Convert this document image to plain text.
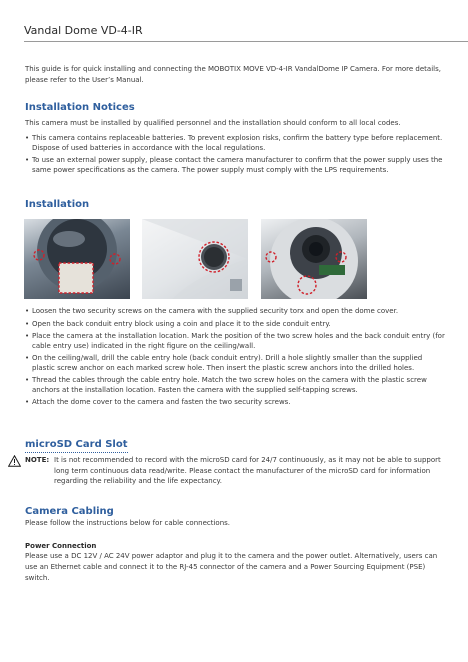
Vandal Dome VD-4-IR

This guide is for quick installing and connecting the MOBOTIX MOVE VD-4-IR VandalDome IP Camera. For more details, please refer to the User’s Manual.

Installation Notices

This camera must be installed by qualified personnel and the installation should conform to all local codes.

• This camera contains replaceable batteries. To prevent explosion risks, confirm the battery type before replacement. Dispose of used batteries in accordance with the local regulations.
• To use an external power supply, please contact the camera manufacturer to confirm that the power supply uses the same power specifications as the camera. The power supply must comply with the LPS requirements.
Installation
• Loosen the two security screws on the camera with the supplied security torx and open the dome cover.
• Open the back conduit entry block using a coin and place it to the side conduit entry.
• Place the camera at the installation location. Mark the position of the two screw holes and the back conduit entry (for cable entry use) indicated in the right figure on the ceiling/wall.
• On the ceiling/wall, drill the cable entry hole (back conduit entry). Drill a hole slightly smaller than the supplied plastic screw anchor on each marked screw hole. Then insert the plastic screw anchors into the drilled holes.
• Thread the cables through the cable entry hole. Match the two screw holes on the camera with the plastic screw anchors at the installation location. Fasten the camera with the supplied self-tapping screws.
• Attach the dome cover to the camera and fasten the two security screws.
microSD Card Slot
NOTE: It is not recommended to record with the microSD card for 24/7 continuously, as it may not be able to support long term continuous data read/write. Please contact the manufacturer of the microSD card for information regarding the reliability and the life expectancy.

Camera Cabling

Please follow the instructions below for cable connections.

Power Connection

Please use a DC 12V / AC 24V power adaptor and plug it to the camera and the power outlet. Alternatively, users can use an Ethernet cable and connect it to the RJ-45 connector of the camera and a Power Sourcing Equipment (PSE) switch.
